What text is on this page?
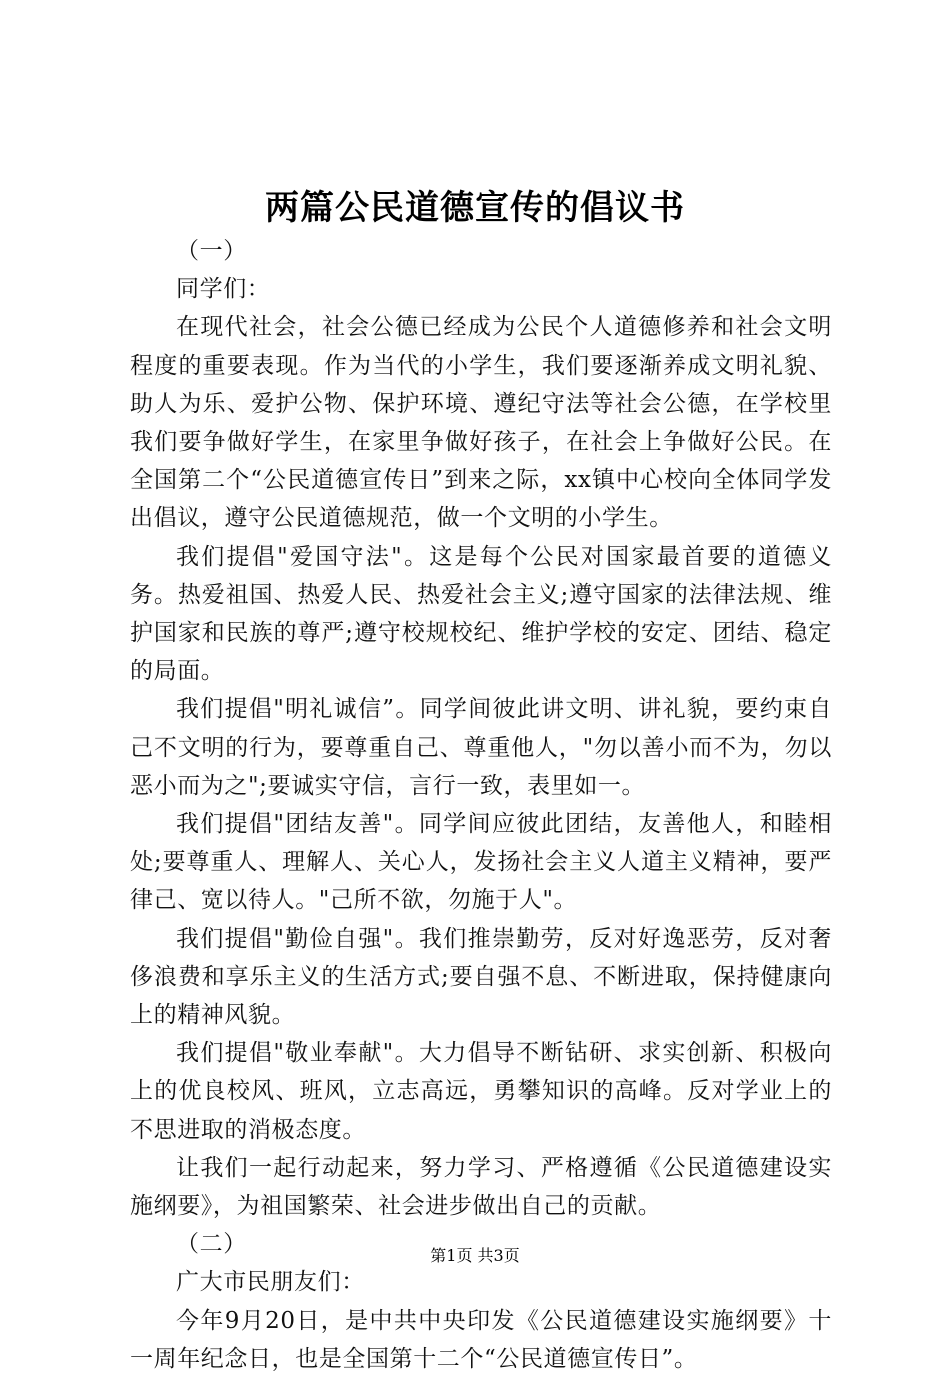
两篇公民道德宣传的倡议书

（一）

同学们：

在现代社会，社会公德已经成为公民个人道德修养和社会文明程度的重要表现。作为当代的小学生，我们要逐渐养成文明礼貌、助人为乐、爱护公物、保护环境、遵纪守法等社会公德，在学校里我们要争做好学生，在家里争做好孩子，在社会上争做好公民。在全国第二个“公民道德宣传日”到来之际，xx镇中心校向全体同学发出倡议，遵守公民道德规范，做一个文明的小学生。

我们提倡"爱国守法"。这是每个公民对国家最首要的道德义务。热爱祖国、热爱人民、热爱社会主义;遵守国家的法律法规、维护国家和民族的尊严;遵守校规校纪、维护学校的安定、团结、稳定的局面。

我们提倡"明礼诚信”。同学间彼此讲文明、讲礼貌，要约束自己不文明的行为，要尊重自己、尊重他人，"勿以善小而不为，勿以恶小而为之";要诚实守信，言行一致，表里如一。

我们提倡"团结友善"。同学间应彼此团结，友善他人，和睦相处;要尊重人、理解人、关心人，发扬社会主义人道主义精神，要严律己、宽以待人。"己所不欲，勿施于人"。

我们提倡"勤俭自强"。我们推崇勤劳，反对好逸恶劳，反对奢侈浪费和享乐主义的生活方式;要自强不息、不断进取，保持健康向上的精神风貌。

我们提倡"敬业奉献"。大力倡导不断钻研、求实创新、积极向上的优良校风、班风，立志高远，勇攀知识的高峰。反对学业上的不思进取的消极态度。

让我们一起行动起来，努力学习、严格遵循《公民道德建设实施纲要》，为祖国繁荣、社会进步做出自己的贡献。

（二）

广大市民朋友们：

今年9月20日，是中共中央印发《公民道德建设实施纲要》十一周年纪念日，也是全国第十二个“公民道德宣传日”。

第1页 共3页
